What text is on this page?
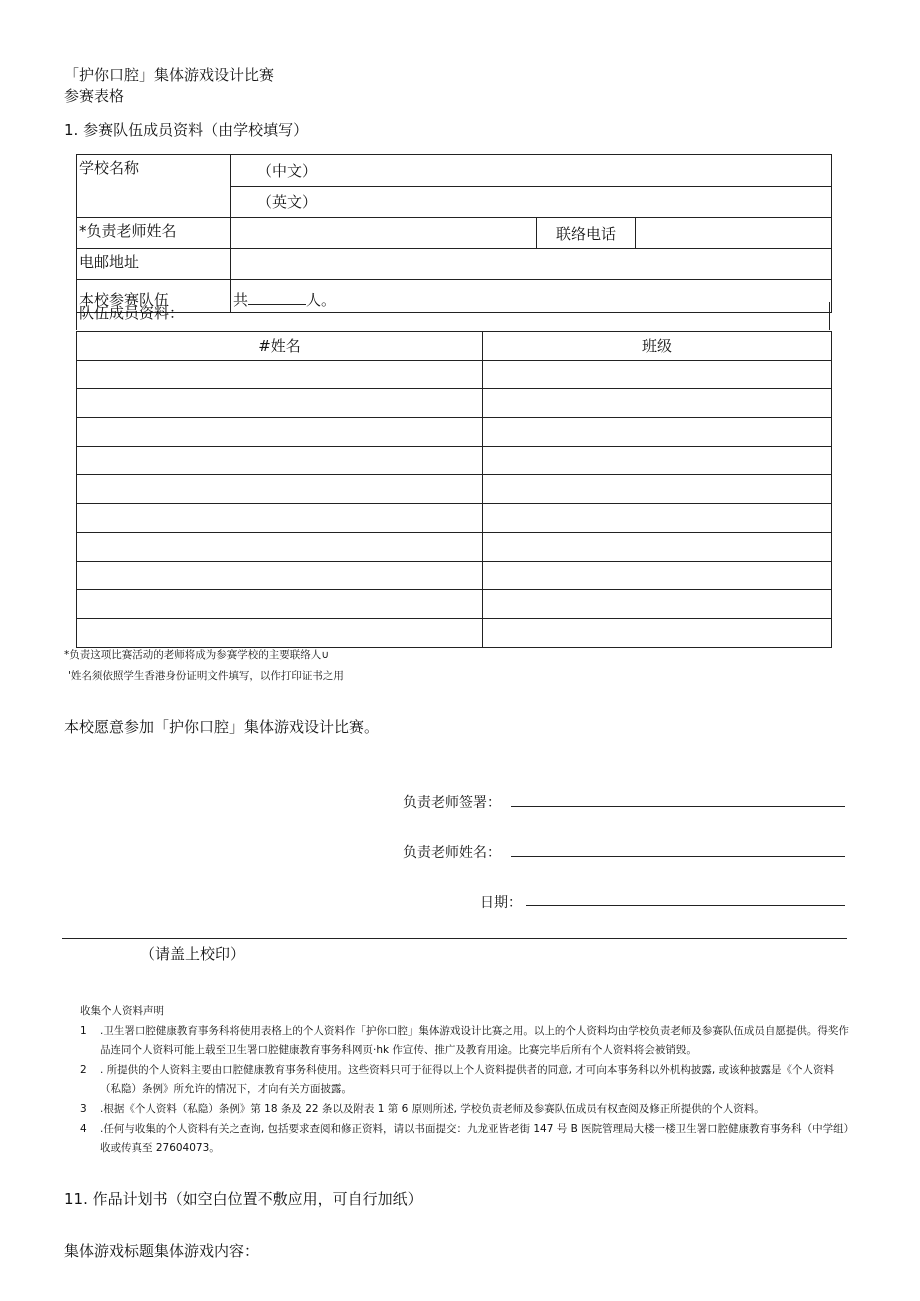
「护你口腔」集体游戏设计比赛
参赛表格
1. 参赛队伍成员资料（由学校填写）
学校名称	（中文）		
	（英文）		
*负责老师姓名		联络电话	
电邮地址			
本校参赛队伍	共 人。		
队伍成员资料：
#姓名	班级

*负责这项比赛活动的老师将成为参赛学校的主要联络人∪
'姓名须依照学生香港身份证明文件填写，以作打印证书之用
本校愿意参加「护你口腔」集体游戏设计比赛。
负责老师签署：
负责老师姓名：
日期：
（请盖上校印）
收集个人资料声明
1	.卫生署口腔健康教育事务科将使用表格上的个人资料作「护你口腔」集体游戏设计比赛之用。以上的个人资料均由学校负责老师及参赛队伍成员自愿提供。得奖作品连同个人资料可能上载至卫生署口腔健康教育事务科网页·hk 作宣传、推广及教育用途。比赛完毕后所有个人资料将会被销毁。
2	. 所提供的个人资料主要由口腔健康教育事务科使用。这些资料只可于征得以上个人资料提供者的同意, 才可向本事务科以外机构披露, 或该种披露是《个人资料（私隐）条例》所允许的情况下，才向有关方面披露。
3	.根据《个人资料（私隐）条例》第 18 条及 22 条以及附表 1 第 6 原则所述, 学校负责老师及参赛队伍成员有权查阅及修正所提供的个人资料。
4	.任何与收集的个人资料有关之查询, 包括要求查阅和修正资料，请以书面提交：九龙亚皆老街 147 号 B 医院管理局大楼一楼卫生署口腔健康教育事务科（中学组）收或传真至 27604073。
11. 作品计划书（如空白位置不敷应用，可自行加纸）
集体游戏标题集体游戏内容：
